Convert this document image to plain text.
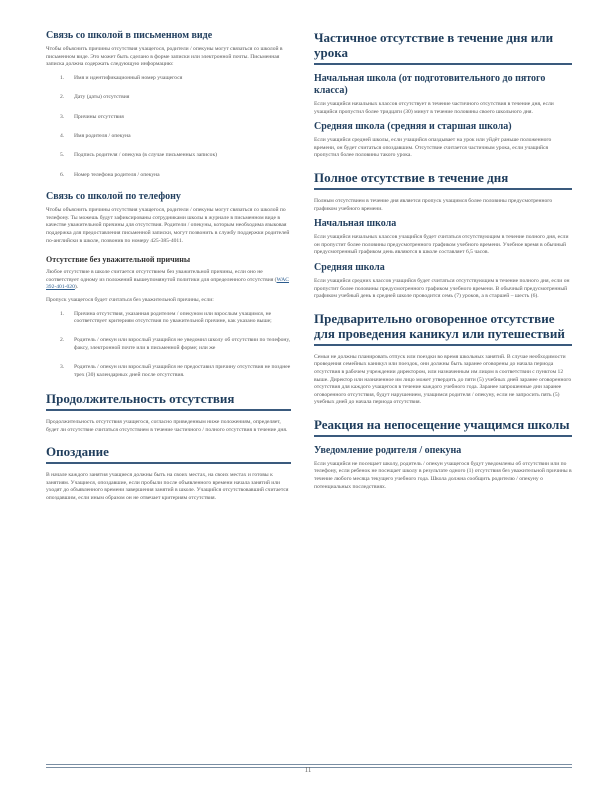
Связь со школой в письменном виде

Чтобы объяснить причины отсутствия учащегося, родители / опекуны могут связаться со школой в письменном виде. Это может быть сделано в форме записки или электронной почты. Письменная записка должна содержать следующую информацию:

1.	Имя и идентификационный номер учащегося
2.	Дату (даты) отсутствия
3.	Причины отсутствия
4.	Имя родителя / опекуна
5.	Подпись родителя / опекуна (в случае письменных записок)
6.	Номер телефона родителя / опекуна
Связь со школой по телефону

Чтобы объяснить причины отсутствия учащегося, родители / опекуны могут связаться со школой по телефону. Ты можешь будут зафиксированы сотрудниками школы в журнале в письменном виде в качестве уважительной причины для отсутствия. Родители / опекуны, которым необходима языковая поддержка для предоставления письменной записки, могут позвонить в службу поддержки родителей по-английски в школе, позвонив по номеру 425-385-4011.

Отсутствие без уважительной причины

Любое отсутствие в школе считается отсутствием без уважительной причины, если оно не соответствует одному из положений вышеупомянутой политики для определенного отсутствия (WAC 392-401-020).

Пропуск учащегося будет считаться без уважительной причины, если:

1.	Причина отсутствия, указанная родителем / опекуном или взрослым учащимся, не соответствует критериям отсутствия по уважительной причине, как указано выше;
2.	Родитель / опекун или взрослый учащийся не уведомил школу об отсутствии по телефону, факсу, электронной почте или в письменной форме; или же
3.	Родитель / опекун или взрослый учащийся не предоставил причину отсутствия не позднее трех (30) календарных дней после отсутствия.
Продолжительность отсутствия

Продолжительность отсутствия учащегося, согласно приведенным ниже положениям, определяет, будет ли отсутствие считаться отсутствием в течение частичного / полного отсутствия в течение дня.

Опоздание

В начале каждого занятия учащиеся должны быть на своих местах, на своих местах и готовы к занятиям. Учащиеся, опоздавшие, если пробыли после объявленного времени начала занятий или уходят до объявленного времени завершения занятий в школе. Учащийся отсутствовавший считается опоздавшим, если иным образом он не отвечает критериям отсутствия.

Частичное отсутствие в течение дня или урока
Начальная школа (от подготовительного до пятого класса)

Если учащийся начальных классов отсутствует в течение частичного отсутствия в течение дня, если учащийся пропустил более тридцати (30) минут в течение половины своего школьного дня.

Средняя школа (средняя и старшая школа)

Если учащийся средней школы, если учащийся опаздывает на урок или уйдёт раньше положенного времени, он будет считаться опоздавшим. Отсутствие считается частичным урока, если учащийся пропустил более половины такого урока.

Полное отсутствие в течение дня

Полным отсутствием в течение дня является пропуск учащимся более половины предусмотренного графиком учебного времени.

Начальная школа

Если учащийся начальных классов учащийся будет считаться отсутствующим в течение полного дня, если он пропустит более половины предусмотренного графиком учебного времени. Учебное время в обычный предусмотренный графиком день являются в школе составляет 6,5 часов.

Средняя школа

Если учащийся средних классов учащийся будет считаться отсутствующим в течение полного дня, если он пропустит более половины предусмотренного графиком учебного времени. В обычный предусмотренный графиком учебный день в средней школе проводится семь (7) уроков, а в старшей – шесть (6).

Предварительно оговоренное отсутствие для проведения каникул или путешествий

Семьи не должны планировать отпуск или поездки во время школьных занятий. В случае необходимости проведения семейных каникул или поездок, они должны быть заранее оговорены до начала периода отсутствия в рабочем учреждении директором, или назначенным им лицом в соответствии с пунктом 12 выше. Директор или назначенное им лицо может утвердить до пяти (5) учебных дней заранее оговоренного отсутствия для каждого учащегося в течение каждого учебного года. Заранее запрошенные дни заранее оговоренного отсутствия, будут нарушением, учащимся родителя / опекуну, если не запросить пять (5) учебных дней до начала периода отсутствия.

Реакция на непосещение учащимся школы
Уведомление родителя / опекуна

Если учащийся не посещает школу, родитель / опекун учащегося будут уведомлены об отсутствии или по телефону, если ребенок не посещает школу в результате одного (1) отсутствия без уважительной причины в течение любого месяца текущего учебного года. Школа должна сообщить родителю / опекуну о потенциальных последствиях.

11
